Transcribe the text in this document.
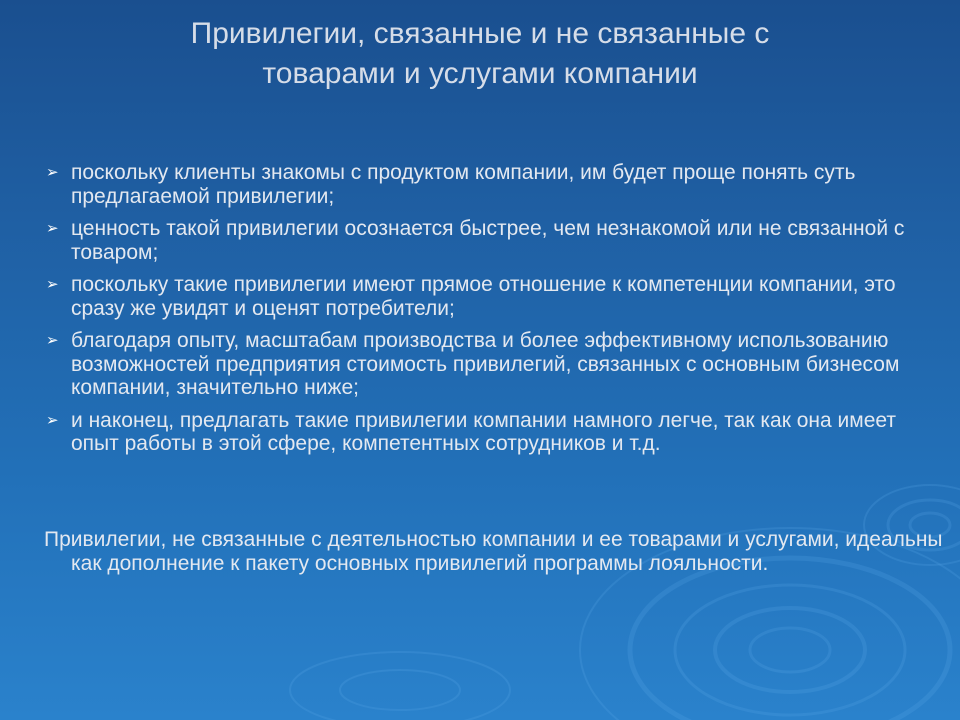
Привилегии, связанные и не связанные с
товарами и услугами компании
➢ поскольку клиенты знакомы с продуктом компании, им будет проще понять суть предлагаемой привилегии;
➢ ценность такой привилегии осознается быстрее, чем незнакомой или не связанной с товаром;
➢ поскольку такие привилегии имеют прямое отношение к компетенции компании, это сразу же увидят и оценят потребители;
➢ благодаря опыту, масштабам производства и более эффективному использованию возможностей предприятия стоимость привилегий, связанных с основным бизнесом компании, значительно ниже;
➢ и наконец, предлагать такие привилегии компании намного легче, так как она имеет опыт работы в этой сфере, компетентных сотрудников и т.д.
Привилегии, не связанные с деятельностью компании и ее товарами и услугами, идеальны как дополнение к пакету основных привилегий программы лояльности.
